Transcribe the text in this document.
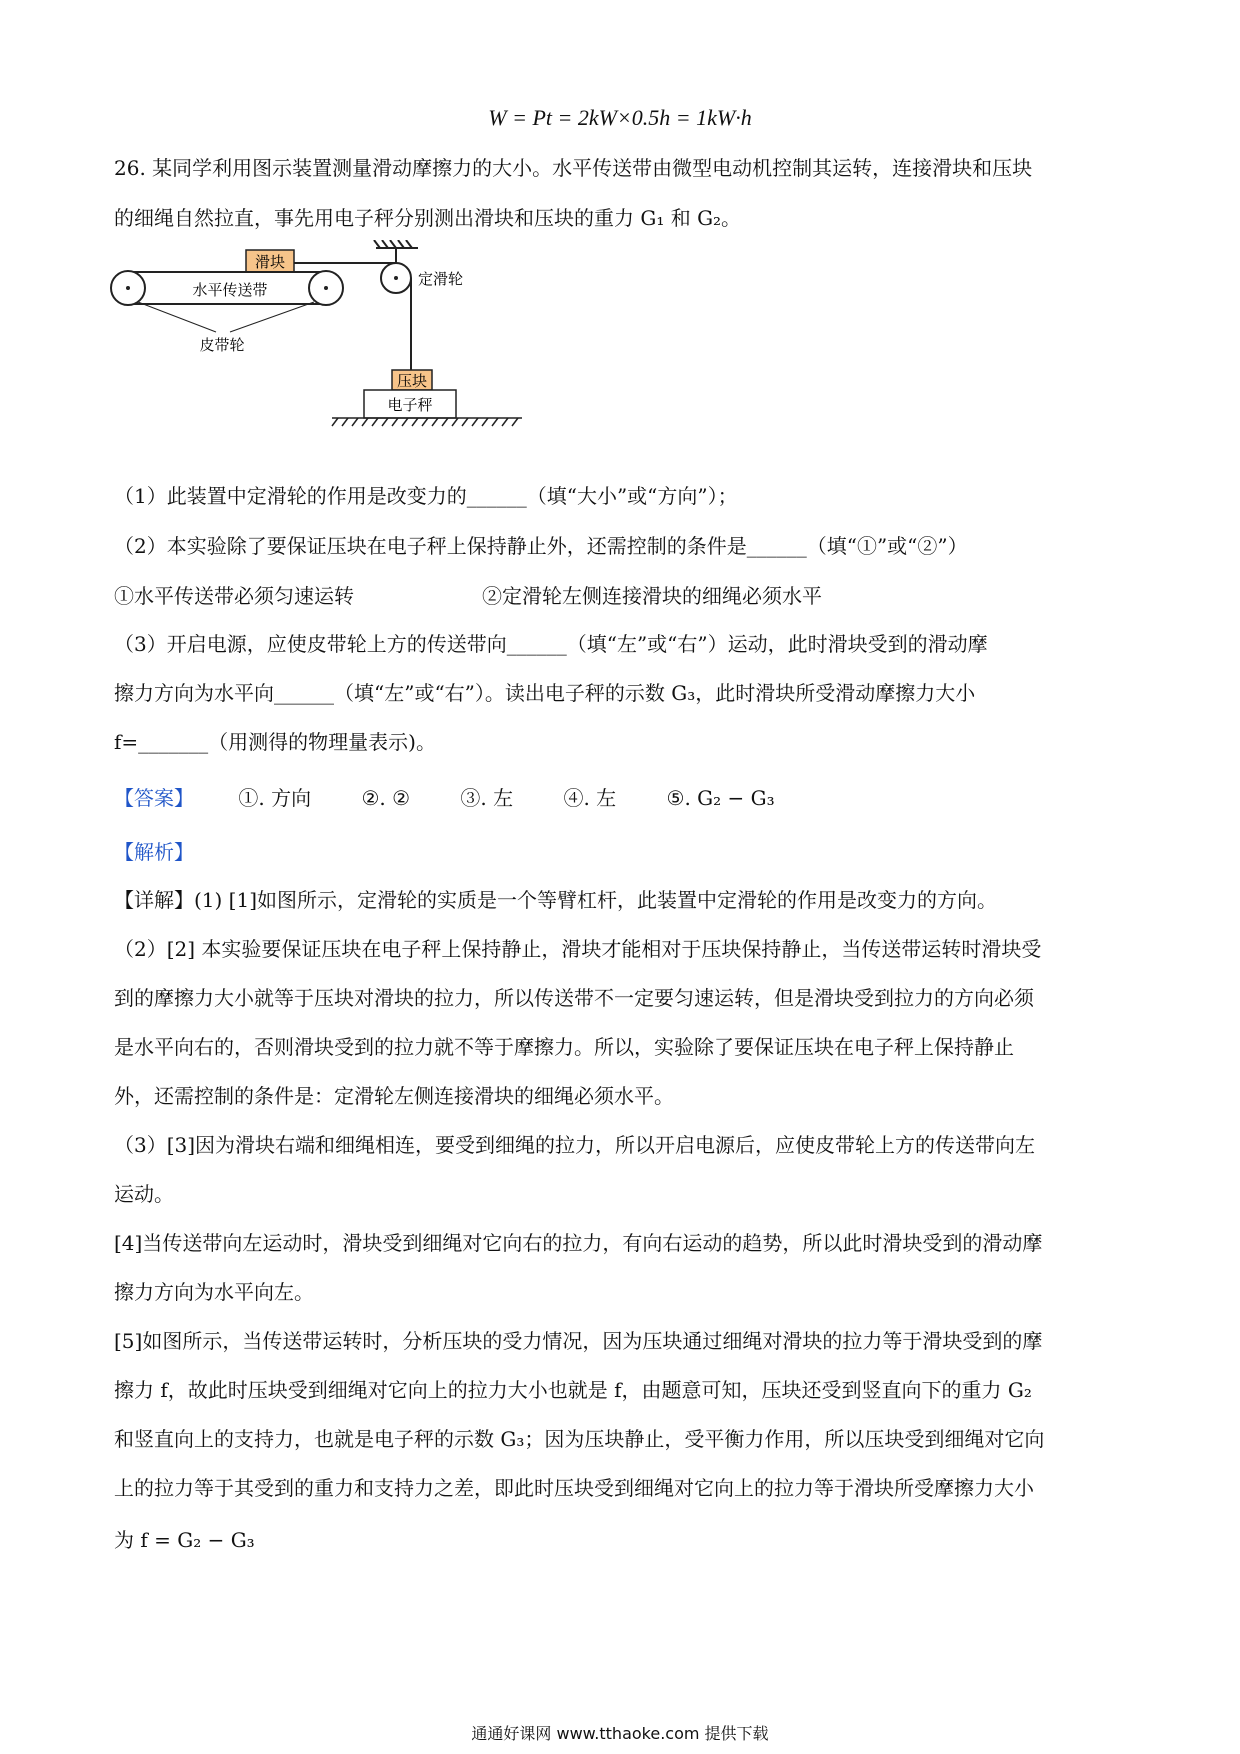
W = Pt = 2kW×0.5h = 1kW·h
26. 某同学利用图示装置测量滑动摩擦力的大小。水平传送带由微型电动机控制其运转，连接滑块和压块
的细绳自然拉直，事先用电子秤分别测出滑块和压块的重力 G₁ 和 G₂。
滑块
水平传送带
皮带轮
定滑轮
压块
电子秤
（1）此装置中定滑轮的作用是改变力的______（填“大小”或“方向”）；
（2）本实验除了要保证压块在电子秤上保持静止外，还需控制的条件是______（填“①”或“②”）
①水平传送带必须匀速运转	②定滑轮左侧连接滑块的细绳必须水平
（3）开启电源，应使皮带轮上方的传送带向______（填“左”或“右”）运动，此时滑块受到的滑动摩
擦力方向为水平向______（填“左”或“右”）。读出电子秤的示数 G₃，此时滑块所受滑动摩擦力大小
f=_______（用测得的物理量表示)。
【答案】 ①. 方向	②. ②	③. 左	④. 左	⑤. G₂ − G₃
【解析】
【详解】(1) [1]如图所示，定滑轮的实质是一个等臂杠杆，此装置中定滑轮的作用是改变力的方向。
（2）[2] 本实验要保证压块在电子秤上保持静止，滑块才能相对于压块保持静止，当传送带运转时滑块受
到的摩擦力大小就等于压块对滑块的拉力，所以传送带不一定要匀速运转，但是滑块受到拉力的方向必须
是水平向右的，否则滑块受到的拉力就不等于摩擦力。所以，实验除了要保证压块在电子秤上保持静止
外，还需控制的条件是：定滑轮左侧连接滑块的细绳必须水平。
（3）[3]因为滑块右端和细绳相连，要受到细绳的拉力，所以开启电源后，应使皮带轮上方的传送带向左
运动。
[4]当传送带向左运动时，滑块受到细绳对它向右的拉力，有向右运动的趋势，所以此时滑块受到的滑动摩
擦力方向为水平向左。
[5]如图所示，当传送带运转时，分析压块的受力情况，因为压块通过细绳对滑块的拉力等于滑块受到的摩
擦力 f，故此时压块受到细绳对它向上的拉力大小也就是 f，由题意可知，压块还受到竖直向下的重力 G₂
和竖直向上的支持力，也就是电子秤的示数 G₃；因为压块静止，受平衡力作用，所以压块受到细绳对它向
上的拉力等于其受到的重力和支持力之差，即此时压块受到细绳对它向上的拉力等于滑块所受摩擦力大小
为 f = G₂ − G₃
通通好课网 www.tthaoke.com 提供下载
